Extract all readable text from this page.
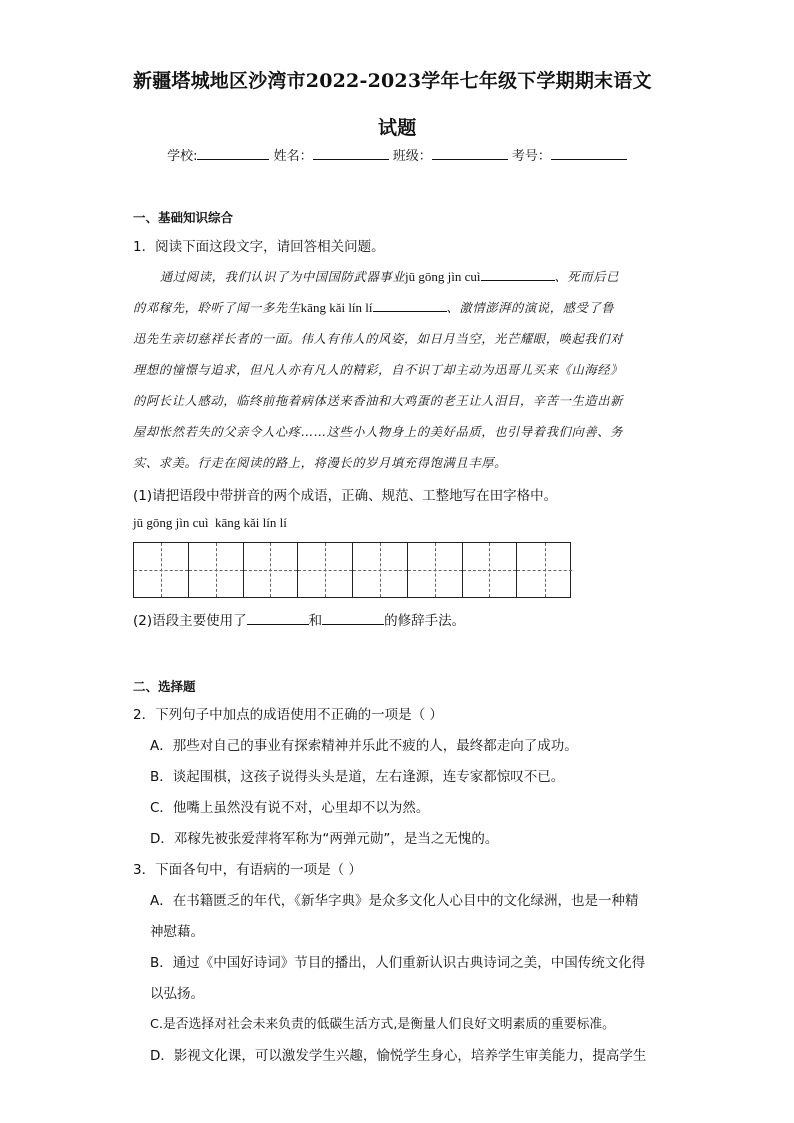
新疆塔城地区沙湾市2022-2023学年七年级下学期期末语文
试题
学校:	姓名：	班级：	考号：
一、基础知识综合
1．阅读下面这段文字，请回答相关问题。
通过阅读，我们认识了为中国国防武器事业jū gōng jìn cuì	、死而后已
的邓稼先，聆听了闻一多先生kāng kǎi lín lí	、激情澎湃的演说，感受了鲁
迅先生亲切慈祥长者的一面。伟人有伟人的风姿，如日月当空，光芒耀眼，唤起我们对
理想的憧憬与追求，但凡人亦有凡人的精彩，自不识丁却主动为迅哥儿买来《山海经》
的阿长让人感动，临终前拖着病体送来香油和大鸡蛋的老王让人泪目，辛苦一生造出新
屋却怅然若失的父亲令人心疼……这些小人物身上的美好品质，也引导着我们向善、务
实、求美。行走在阅读的路上，将漫长的岁月填充得饱满且丰厚。
(1)请把语段中带拼音的两个成语，正确、规范、工整地写在田字格中。
jū gōng jìn cuì  kāng kǎi lín lí
(2)语段主要使用了	和	的修辞手法。
二、选择题
2．下列句子中加点的成语使用不正确的一项是（ ）
A．那些对自己的事业有探索精神并乐此不疲的人，最终都走向了成功。
B．谈起围棋，这孩子说得头头是道，左右逢源，连专家都惊叹不已。
C．他嘴上虽然没有说不对，心里却不以为然。
D．邓稼先被张爱萍将军称为“两弹元勋”，是当之无愧的。
3．下面各句中，有语病的一项是（ ）
A．在书籍匮乏的年代，《新华字典》是众多文化人心目中的文化绿洲，也是一种精
神慰藉。
B．通过《中国好诗词》节目的播出，人们重新认识古典诗词之美，中国传统文化得
以弘扬。
C.是否选择对社会未来负责的低碳生活方式,是衡量人们良好文明素质的重要标准。
D．影视文化课，可以激发学生兴趣，愉悦学生身心，培养学生审美能力，提高学生
